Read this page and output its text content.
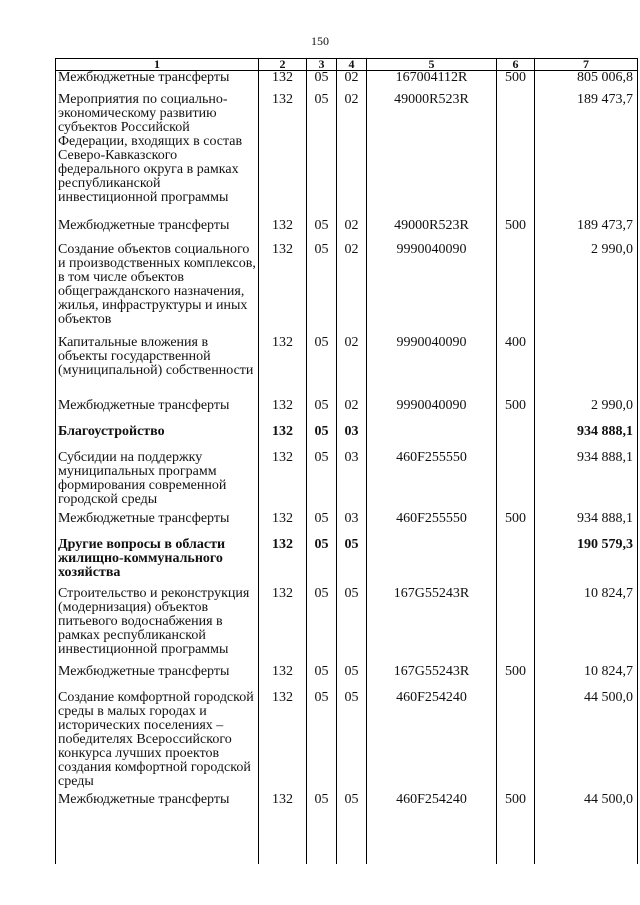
150
1	2	3	4	5	6	7
Межбюджетные трансферты	132	05	02	167004112R	500	805 006,8
Мероприятия по социально-экономическому развитию субъектов Российской Федерации, входящих в состав Северо-Кавказского федерального округа в рамках республиканской инвестиционной программы	132	05	02	49000R523R		189 473,7
Межбюджетные трансферты	132	05	02	49000R523R	500	189 473,7
Создание объектов социального и производственных комплексов, в том числе объектов общегражданского назначения, жилья, инфраструктуры и иных объектов	132	05	02	9990040090		2 990,0
Капитальные вложения в объекты государственной (муниципальной) собственности	132	05	02	9990040090	400	
Межбюджетные трансферты	132	05	02	9990040090	500	2 990,0
Благоустройство	132	05	03			934 888,1
Субсидии на поддержку муниципальных программ формирования современной городской среды	132	05	03	460F255550		934 888,1
Межбюджетные трансферты	132	05	03	460F255550	500	934 888,1
Другие вопросы в области жилищно-коммунального хозяйства	132	05	05			190 579,3
Строительство и реконструкция (модернизация) объектов питьевого водоснабжения в рамках республиканской инвестиционной программы	132	05	05	167G55243R		10 824,7
Межбюджетные трансферты	132	05	05	167G55243R	500	10 824,7
Создание комфортной городской среды в малых городах и исторических поселениях – победителях Всероссийского конкурса лучших проектов создания комфортной городской среды	132	05	05	460F254240		44 500,0
Межбюджетные трансферты	132	05	05	460F254240	500	44 500,0
